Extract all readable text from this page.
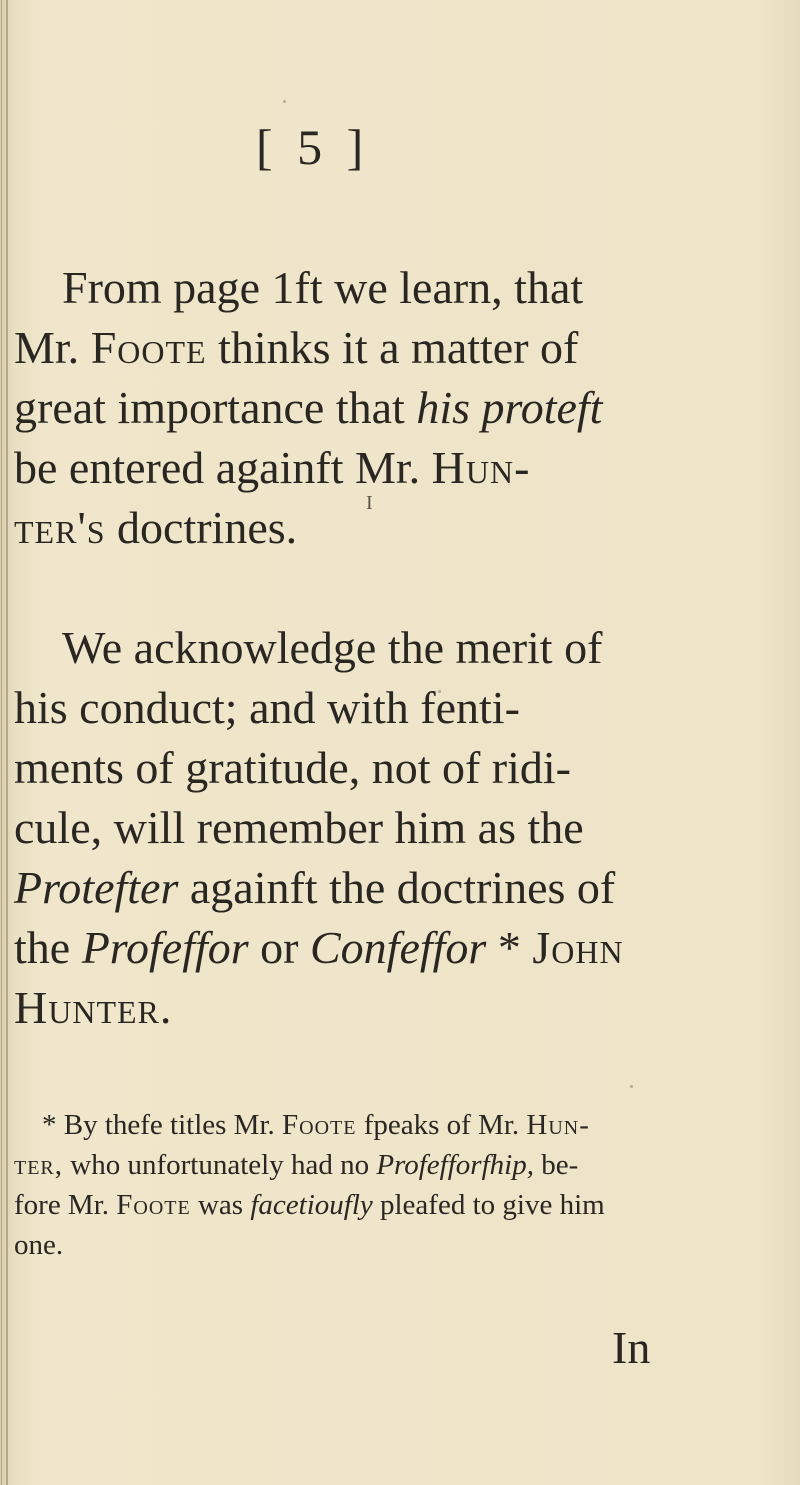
[ 5 ]
From page 1ft we learn, that
Mr. Foote thinks it a matter of
great importance that his proteft
be entered againft Mr. Hun-
ter's doctrines.	I
We acknowledge the merit of
his conduct; and with fenti-
ments of gratitude, not of ridi-
cule, will remember him as the
Protefter againft the doctrines of
the Profeffor or Confeffor * John
Hunter.
* By thefe titles Mr. Foote fpeaks of Mr. Hun-
ter, who unfortunately had no Profefforfhip, be-
fore Mr. Foote was facetioufly pleafed to give him
one.
In
